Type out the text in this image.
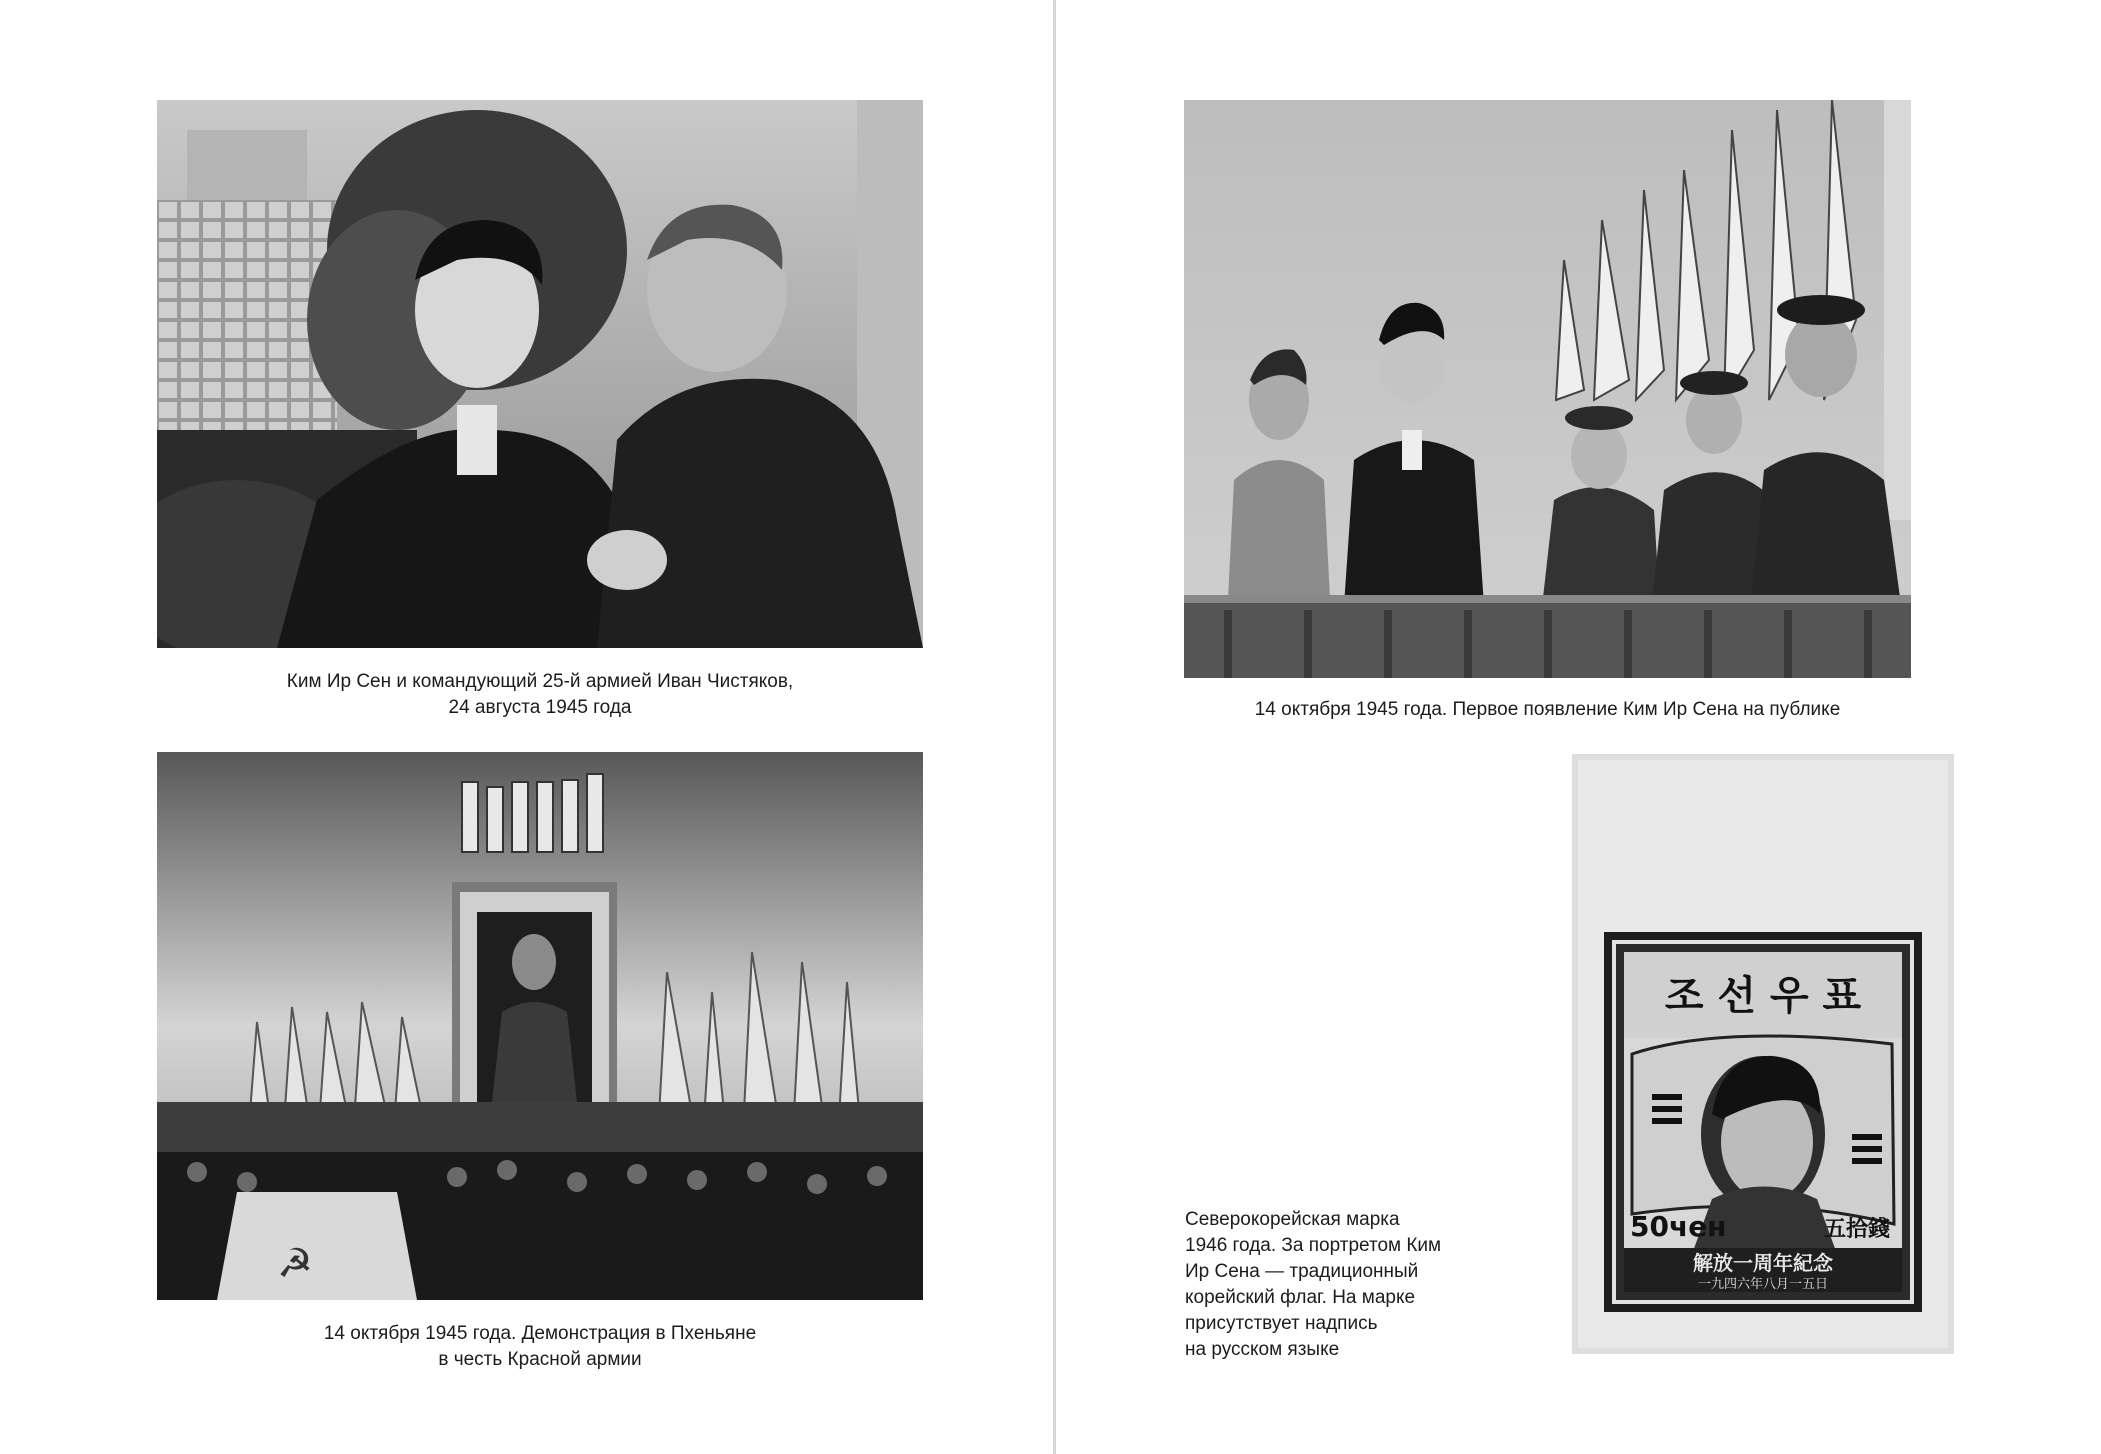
Ким Ир Сен и командующий 25-й армией Иван Чистяков,
24 августа 1945 года
☭
14 октября 1945 года. Демонстрация в Пхеньяне
в честь Красной армии
14 октября 1945 года. Первое появление Ким Ир Сена на публике
조 선 우 표
50чен	五拾錢
解放一周年紀念
一九四六年八月一五日
Северокорейская марка
1946 года. За портретом Ким
Ир Сена — традиционный
корейский флаг. На марке
присутствует надпись
на русском языке
